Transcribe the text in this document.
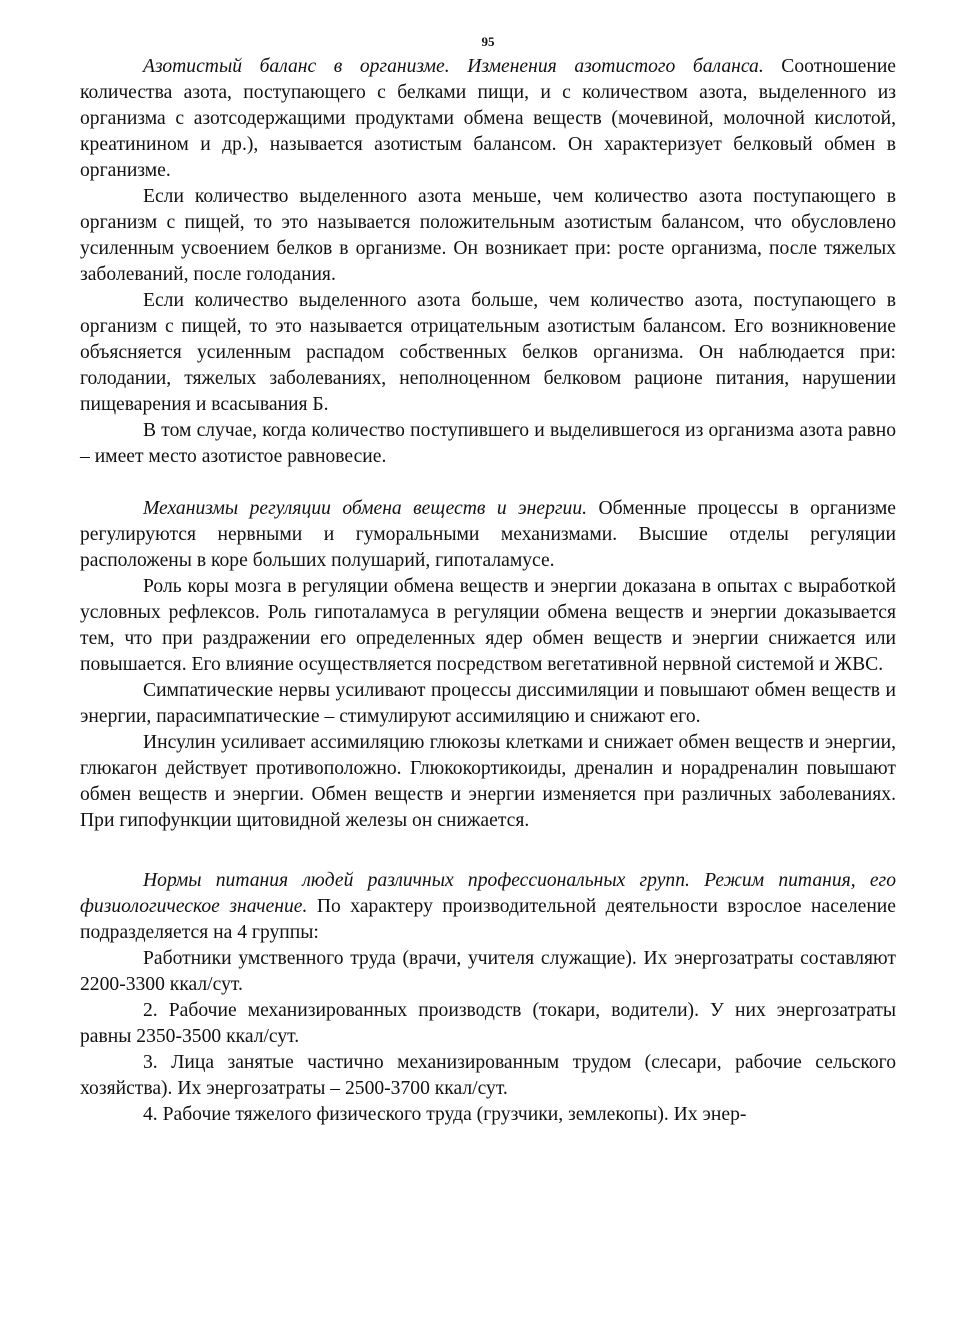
95

Азотистый баланс в организме. Изменения азотистого баланса. Соотношение количества азота, поступающего с белками пищи, и с количеством азота, выделенного из организма с азотсодержащими продуктами обмена веществ (мочевиной, молочной кислотой, креатинином и др.), называется азотистым балансом. Он характеризует белковый обмен в организме.

Если количество выделенного азота меньше, чем количество азота поступающего в организм с пищей, то это называется положительным азотистым балансом, что обусловлено усиленным усвоением белков в организме. Он возникает при: росте организма, после тяжелых заболеваний, после голодания.

Если количество выделенного азота больше, чем количество азота, поступающего в организм с пищей, то это называется отрицательным азотистым балансом. Его возникновение объясняется усиленным распадом собственных белков организма. Он наблюдается при: голодании, тяжелых заболеваниях, неполноценном белковом рационе питания, нарушении пищеварения и всасывания Б.

В том случае, когда количество поступившего и выделившегося из организма азота равно – имеет место азотистое равновесие.

Механизмы регуляции обмена веществ и энергии. Обменные процессы в организме регулируются нервными и гуморальными механизмами. Высшие отделы регуляции расположены в коре больших полушарий, гипоталамусе.

Роль коры мозга в регуляции обмена веществ и энергии доказана в опытах с выработкой условных рефлексов. Роль гипоталамуса в регуляции обмена веществ и энергии доказывается тем, что при раздражении его определенных ядер обмен веществ и энергии снижается или повышается. Его влияние осуществляется посредством вегетативной нервной системой и ЖВС.

Симпатические нервы усиливают процессы диссимиляции и повышают обмен веществ и энергии, парасимпатические – стимулируют ассимиляцию и снижают его.

Инсулин усиливает ассимиляцию глюкозы клетками и снижает обмен веществ и энергии, глюкагон действует противоположно. Глюкокортикоиды, дреналин и норадреналин повышают обмен веществ и энергии. Обмен веществ и энергии изменяется при различных заболеваниях. При гипофункции щитовидной железы он снижается.

Нормы питания людей различных профессиональных групп. Режим питания, его физиологическое значение. По характеру производительной деятельности взрослое население подразделяется на 4 группы:

Работники умственного труда (врачи, учителя служащие). Их энергозатраты составляют 2200-3300 ккал/сут.

2. Рабочие механизированных производств (токари, водители). У них энергозатраты равны 2350-3500 ккал/сут.

3. Лица занятые частично механизированным трудом (слесари, рабочие сельского хозяйства). Их энергозатраты – 2500-3700 ккал/сут.

4. Рабочие тяжелого физического труда (грузчики, землекопы). Их энер-
